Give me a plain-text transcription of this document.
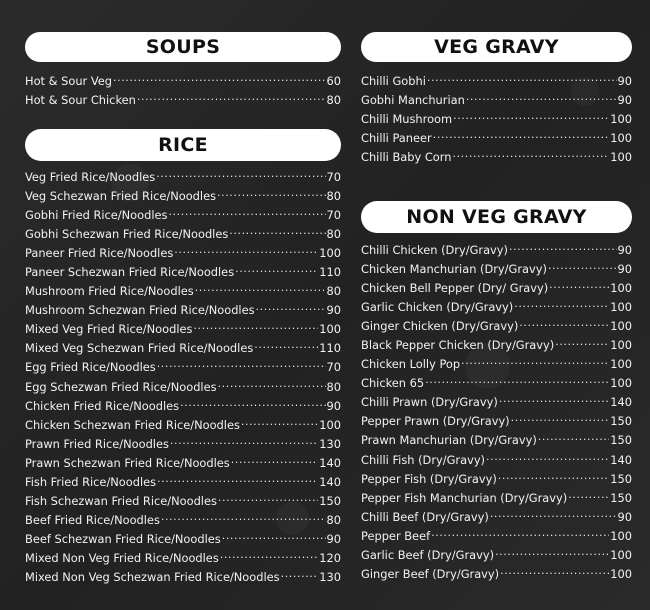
SOUPS
Hot & Sour Veg .....	60
Hot & Sour Chicken .....	80
RICE
Veg Fried Rice/Noodles .....	70
Veg Schezwan Fried Rice/Noodles .....	80
Gobhi Fried Rice/Noodles .....	70
Gobhi Schezwan Fried Rice/Noodles .....	80
Paneer Fried Rice/Noodles .....	100
Paneer Schezwan Fried Rice/Noodles .....	110
Mushroom Fried Rice/Noodles .....	80
Mushroom Schezwan Fried Rice/Noodles .....	90
Mixed Veg Fried Rice/Noodles .....	100
Mixed Veg Schezwan Fried Rice/Noodles .....	110
Egg Fried Rice/Noodles .....	70
Egg Schezwan Fried Rice/Noodles .....	80
Chicken Fried Rice/Noodles .....	90
Chicken Schezwan Fried Rice/Noodles .....	100
Prawn Fried Rice/Noodles .....	130
Prawn Schezwan Fried Rice/Noodles .....	140
Fish Fried Rice/Noodles .....	140
Fish Schezwan Fried Rice/Noodles .....	150
Beef Fried Rice/Noodles .....	80
Beef Schezwan Fried Rice/Noodles .....	90
Mixed Non Veg Fried Rice/Noodles .....	120
Mixed Non Veg Schezwan Fried Rice/Noodles .....	130
VEG GRAVY
Chilli Gobhi .....	90
Gobhi Manchurian .....	90
Chilli Mushroom .....	100
Chilli Paneer .....	100
Chilli Baby Corn .....	100
NON VEG GRAVY
Chilli Chicken (Dry/Gravy) .....	90
Chicken Manchurian (Dry/Gravy) .....	90
Chicken Bell Pepper (Dry/ Gravy) .....	100
Garlic Chicken (Dry/Gravy) .....	100
Ginger Chicken (Dry/Gravy) .....	100
Black Pepper Chicken (Dry/Gravy) .....	100
Chicken Lolly Pop .....	100
Chicken 65 .....	100
Chilli Prawn (Dry/Gravy) .....	140
Pepper Prawn (Dry/Gravy) .....	150
Prawn Manchurian (Dry/Gravy) .....	150
Chilli Fish (Dry/Gravy) .....	140
Pepper Fish (Dry/Gravy) .....	150
Pepper Fish Manchurian (Dry/Gravy) .....	150
Chilli Beef (Dry/Gravy) .....	90
Pepper Beef .....	100
Garlic Beef (Dry/Gravy) .....	100
Ginger Beef (Dry/Gravy) .....	100
